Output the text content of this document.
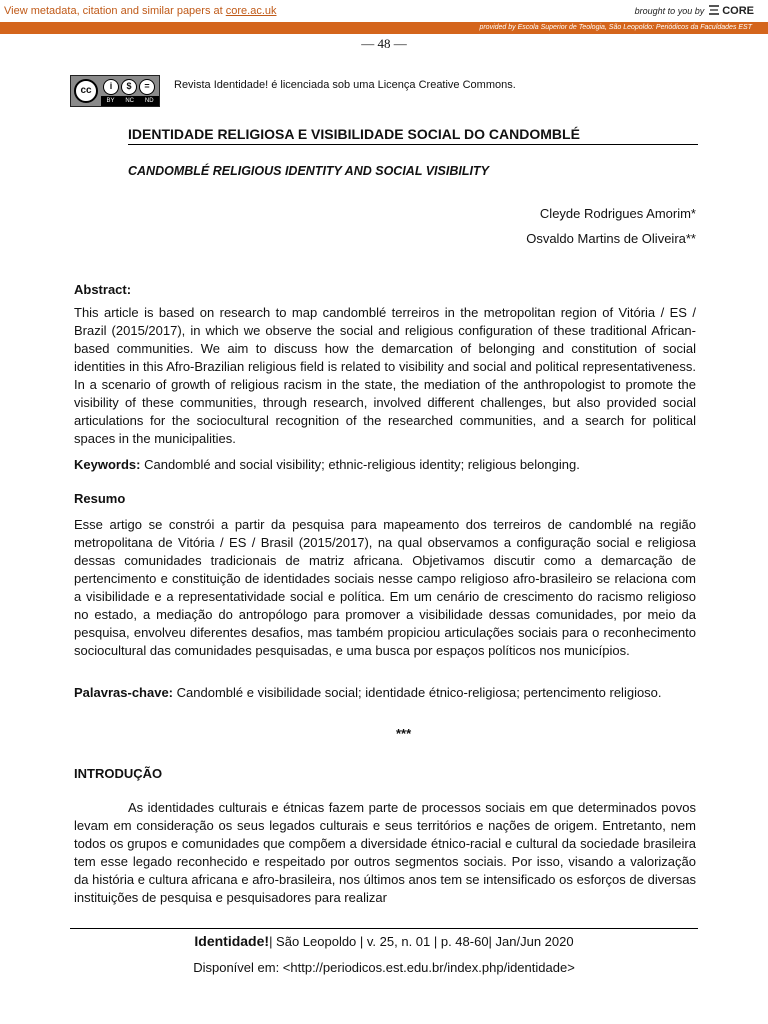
View metadata, citation and similar papers at core.ac.uk	brought to you by CORE
provided by Escola Superior de Teologia, São Leopoldo: Periódicos da Faculdades EST
— 48 —
cc	i	$	=
BY NC ND
Revista Identidade! é licenciada sob uma Licença Creative Commons.
IDENTIDADE RELIGIOSA E VISIBILIDADE SOCIAL DO CANDOMBLÉ
CANDOMBLÉ RELIGIOUS IDENTITY AND SOCIAL VISIBILITY
Cleyde Rodrigues Amorim*
Osvaldo Martins de Oliveira**
Abstract:

This article is based on research to map candomblé terreiros in the metropolitan region of Vitória / ES / Brazil (2015/2017), in which we observe the social and religious configuration of these traditional African-based communities. We aim to discuss how the demarcation of belonging and constitution of social identities in this Afro-Brazilian religious field is related to visibility and social and political representativeness. In a scenario of growth of religious racism in the state, the mediation of the anthropologist to promote the visibility of these communities, through research, involved different challenges, but also provided social articulations for the sociocultural recognition of the researched communities, and a search for political spaces in the municipalities.

Keywords: Candomblé and social visibility; ethnic-religious identity; religious belonging.

Resumo

Esse artigo se constrói a partir da pesquisa para mapeamento dos terreiros de candomblé na região metropolitana de Vitória / ES / Brasil (2015/2017), na qual observamos a configuração social e religiosa dessas comunidades tradicionais de matriz africana. Objetivamos discutir como a demarcação de pertencimento e constituição de identidades sociais nesse campo religioso afro-brasileiro se relaciona com a visibilidade e a representatividade social e política. Em um cenário de crescimento do racismo religioso no estado, a mediação do antropólogo para promover a visibilidade dessas comunidades, por meio da pesquisa, envolveu diferentes desafios, mas também propiciou articulações sociais para o reconhecimento sociocultural das comunidades pesquisadas, e uma busca por espaços políticos nos municípios.

Palavras-chave: Candomblé e visibilidade social; identidade étnico-religiosa; pertencimento religioso.

***
INTRODUÇÃO

As identidades culturais e étnicas fazem parte de processos sociais em que determinados povos levam em consideração os seus legados culturais e seus territórios e nações de origem. Entretanto, nem todos os grupos e comunidades que compõem a diversidade étnico-racial e cultural da sociedade brasileira tem esse legado reconhecido e respeitado por outros segmentos sociais. Por isso, visando a valorização da história e cultura africana e afro-brasileira, nos últimos anos tem se intensificado os esforços de diversas instituições de pesquisa e pesquisadores para realizar

Identidade!| São Leopoldo | v. 25, n. 01 | p. 48-60| Jan/Jun 2020
Disponível em: <http://periodicos.est.edu.br/index.php/identidade>
